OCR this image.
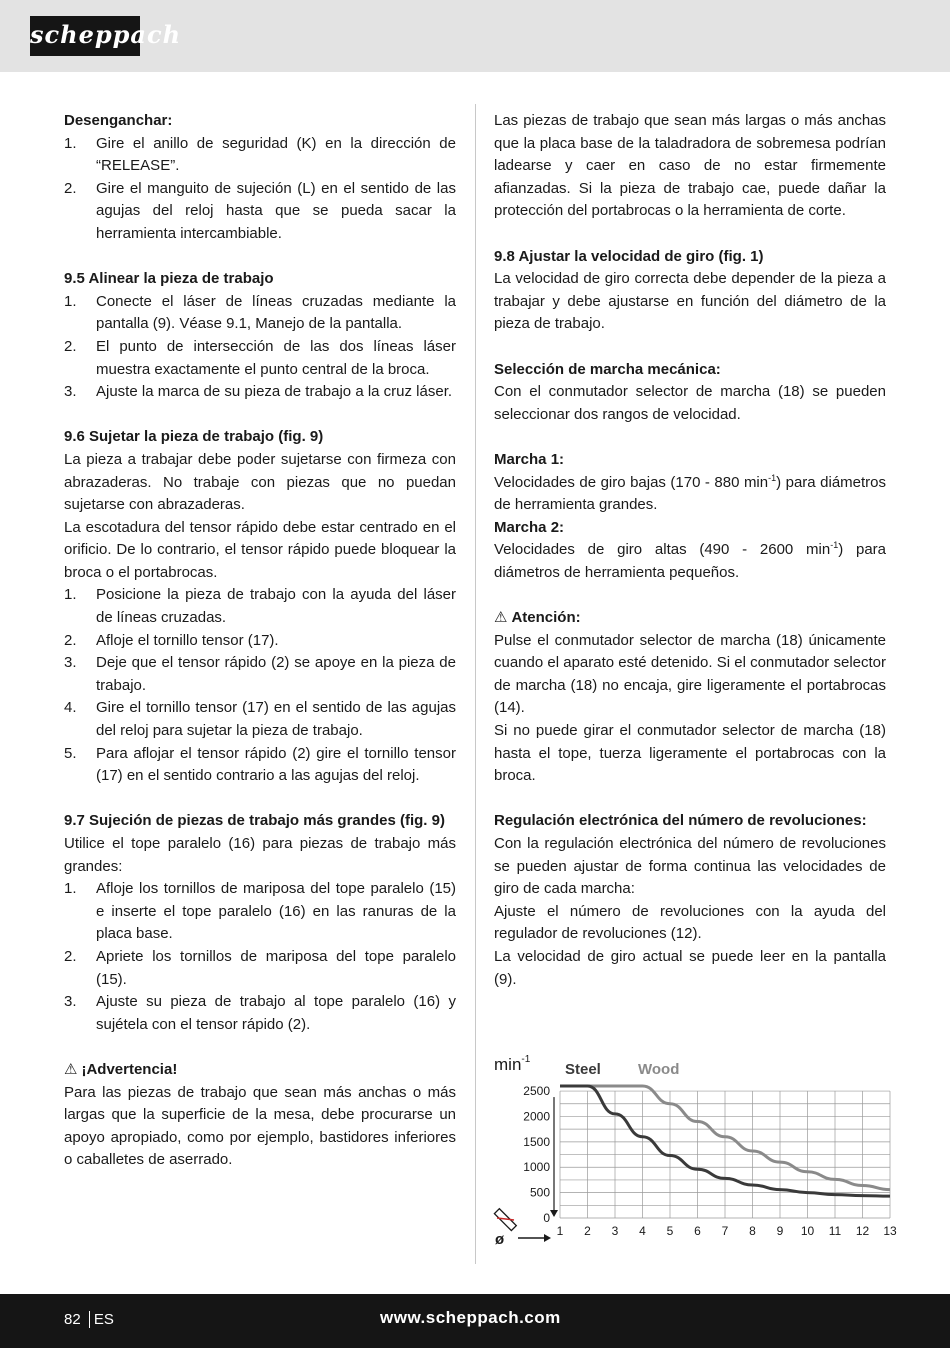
scheppach

Desenganchar:

1. Gire el anillo de seguridad (K) en la dirección de “RELEASE”.
2. Gire el manguito de sujeción (L) en el sentido de las agujas del reloj hasta que se pueda sacar la herramienta intercambiable.

9.5 Alinear la pieza de trabajo

1. Conecte el láser de líneas cruzadas mediante la pantalla (9). Véase 9.1, Manejo de la pantalla.
2. El punto de intersección de las dos líneas láser muestra exactamente el punto central de la broca.
3. Ajuste la marca de su pieza de trabajo a la cruz láser.

9.6 Sujetar la pieza de trabajo (fig. 9)

La pieza a trabajar debe poder sujetarse con firmeza con abrazaderas. No trabaje con piezas que no puedan sujetarse con abrazaderas.

La escotadura del tensor rápido debe estar centrado en el orificio. De lo contrario, el tensor rápido puede bloquear la broca o el portabrocas.

1. Posicione la pieza de trabajo con la ayuda del láser de líneas cruzadas.
2. Afloje el tornillo tensor (17).
3. Deje que el tensor rápido (2) se apoye en la pieza de trabajo.
4. Gire el tornillo tensor (17) en el sentido de las agujas del reloj para sujetar la pieza de trabajo.
5. Para aflojar el tensor rápido (2) gire el tornillo tensor (17) en el sentido contrario a las agujas del reloj.

9.7 Sujeción de piezas de trabajo más grandes (fig. 9)

Utilice el tope paralelo (16) para piezas de trabajo más grandes:

1. Afloje los tornillos de mariposa del tope paralelo (15) e inserte el tope paralelo (16) en las ranuras de la placa base.
2. Apriete los tornillos de mariposa del tope paralelo (15).
3. Ajuste su pieza de trabajo al tope paralelo (16) y sujétela con el tensor rápido (2).

⚠ ¡Advertencia!

Para las piezas de trabajo que sean más anchas o más largas que la superficie de la mesa, debe procurarse un apoyo apropiado, como por ejemplo, bastidores inferiores o caballetes de aserrado.

Las piezas de trabajo que sean más largas o más anchas que la placa base de la taladradora de sobremesa podrían ladearse y caer en caso de no estar firmemente afianzadas. Si la pieza de trabajo cae, puede dañar la protección del portabrocas o la herramienta de corte.

9.8 Ajustar la velocidad de giro (fig. 1)

La velocidad de giro correcta debe depender de la pieza a trabajar y debe ajustarse en función del diámetro de la pieza de trabajo.

Selección de marcha mecánica:

Con el conmutador selector de marcha (18) se pueden seleccionar dos rangos de velocidad.

Marcha 1:

Velocidades de giro bajas (170 - 880 $\min^{-1}$) para diámetros de herramienta grandes.

Marcha 2:

Velocidades de giro altas (490 - 2600 $\min^{-1}$) para diámetros de herramienta pequeños.

⚠ Atención:

Pulse el conmutador selector de marcha (18) únicamente cuando el aparato esté detenido. Si el conmutador selector de marcha (18) no encaja, gire ligeramente el portabrocas (14).

Si no puede girar el conmutador selector de marcha (18) hasta el tope, tuerza ligeramente el portabrocas con la broca.

Regulación electrónica del número de revoluciones:

Con la regulación electrónica del número de revoluciones se pueden ajustar de forma continua las velocidades de giro de cada marcha:

Ajuste el número de revoluciones con la ayuda del regulador de revoluciones (12).

La velocidad de giro actual se puede leer en la pantalla (9).

1 2 3 4 5 6 7 8 9 10 11 12 13
0
500
1000
1500
2000
2500
$\min^{-1}$
Steel Wood
ø
82 ES	www.scheppach.com
